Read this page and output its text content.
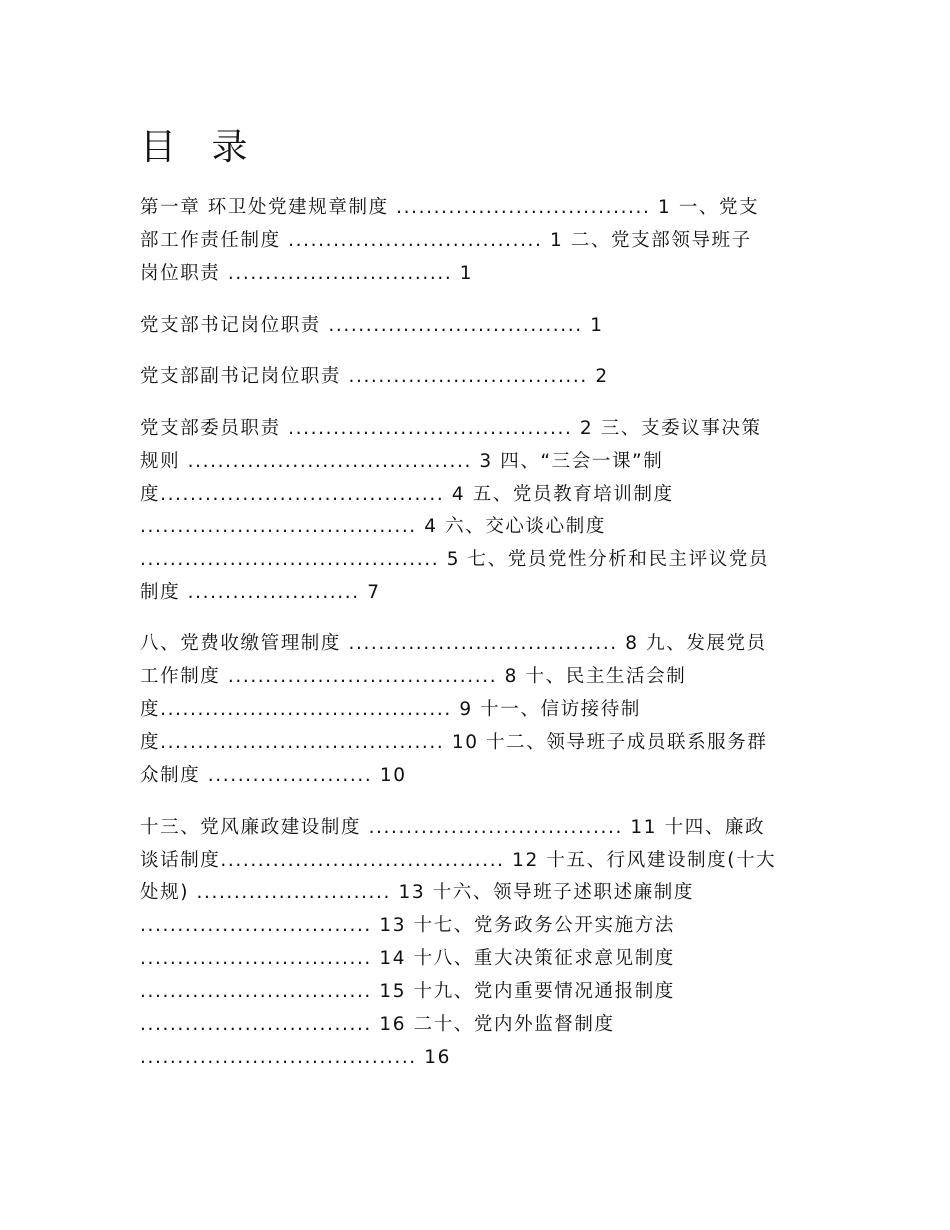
目 录
第一章 环卫处党建规章制度 .................................. 1 一、党支
部工作责任制度 .................................. 1 二、党支部领导班子
岗位职责 .............................. 1
党支部书记岗位职责 .................................. 1
党支部副书记岗位职责 ................................ 2
党支部委员职责 ...................................... 2 三、支委议事决策
规则 ...................................... 3 四、“三会一课”制
度...................................... 4 五、党员教育培训制度
..................................... 4 六、交心谈心制度
........................................ 5 七、党员党性分析和民主评议党员
制度 ....................... 7
八、党费收缴管理制度 .................................... 8 九、发展党员
工作制度 .................................... 8 十、民主生活会制
度....................................... 9 十一、信访接待制
度...................................... 10 十二、领导班子成员联系服务群
众制度 ...................... 10
十三、党风廉政建设制度 .................................. 11 十四、廉政
谈话制度...................................... 12 十五、行风建设制度(十大
处规) .......................... 13 十六、领导班子述职述廉制度
............................... 13 十七、党务政务公开实施方法
............................... 14 十八、重大决策征求意见制度
............................... 15 十九、党内重要情况通报制度
............................... 16 二十、党内外监督制度
..................................... 16
